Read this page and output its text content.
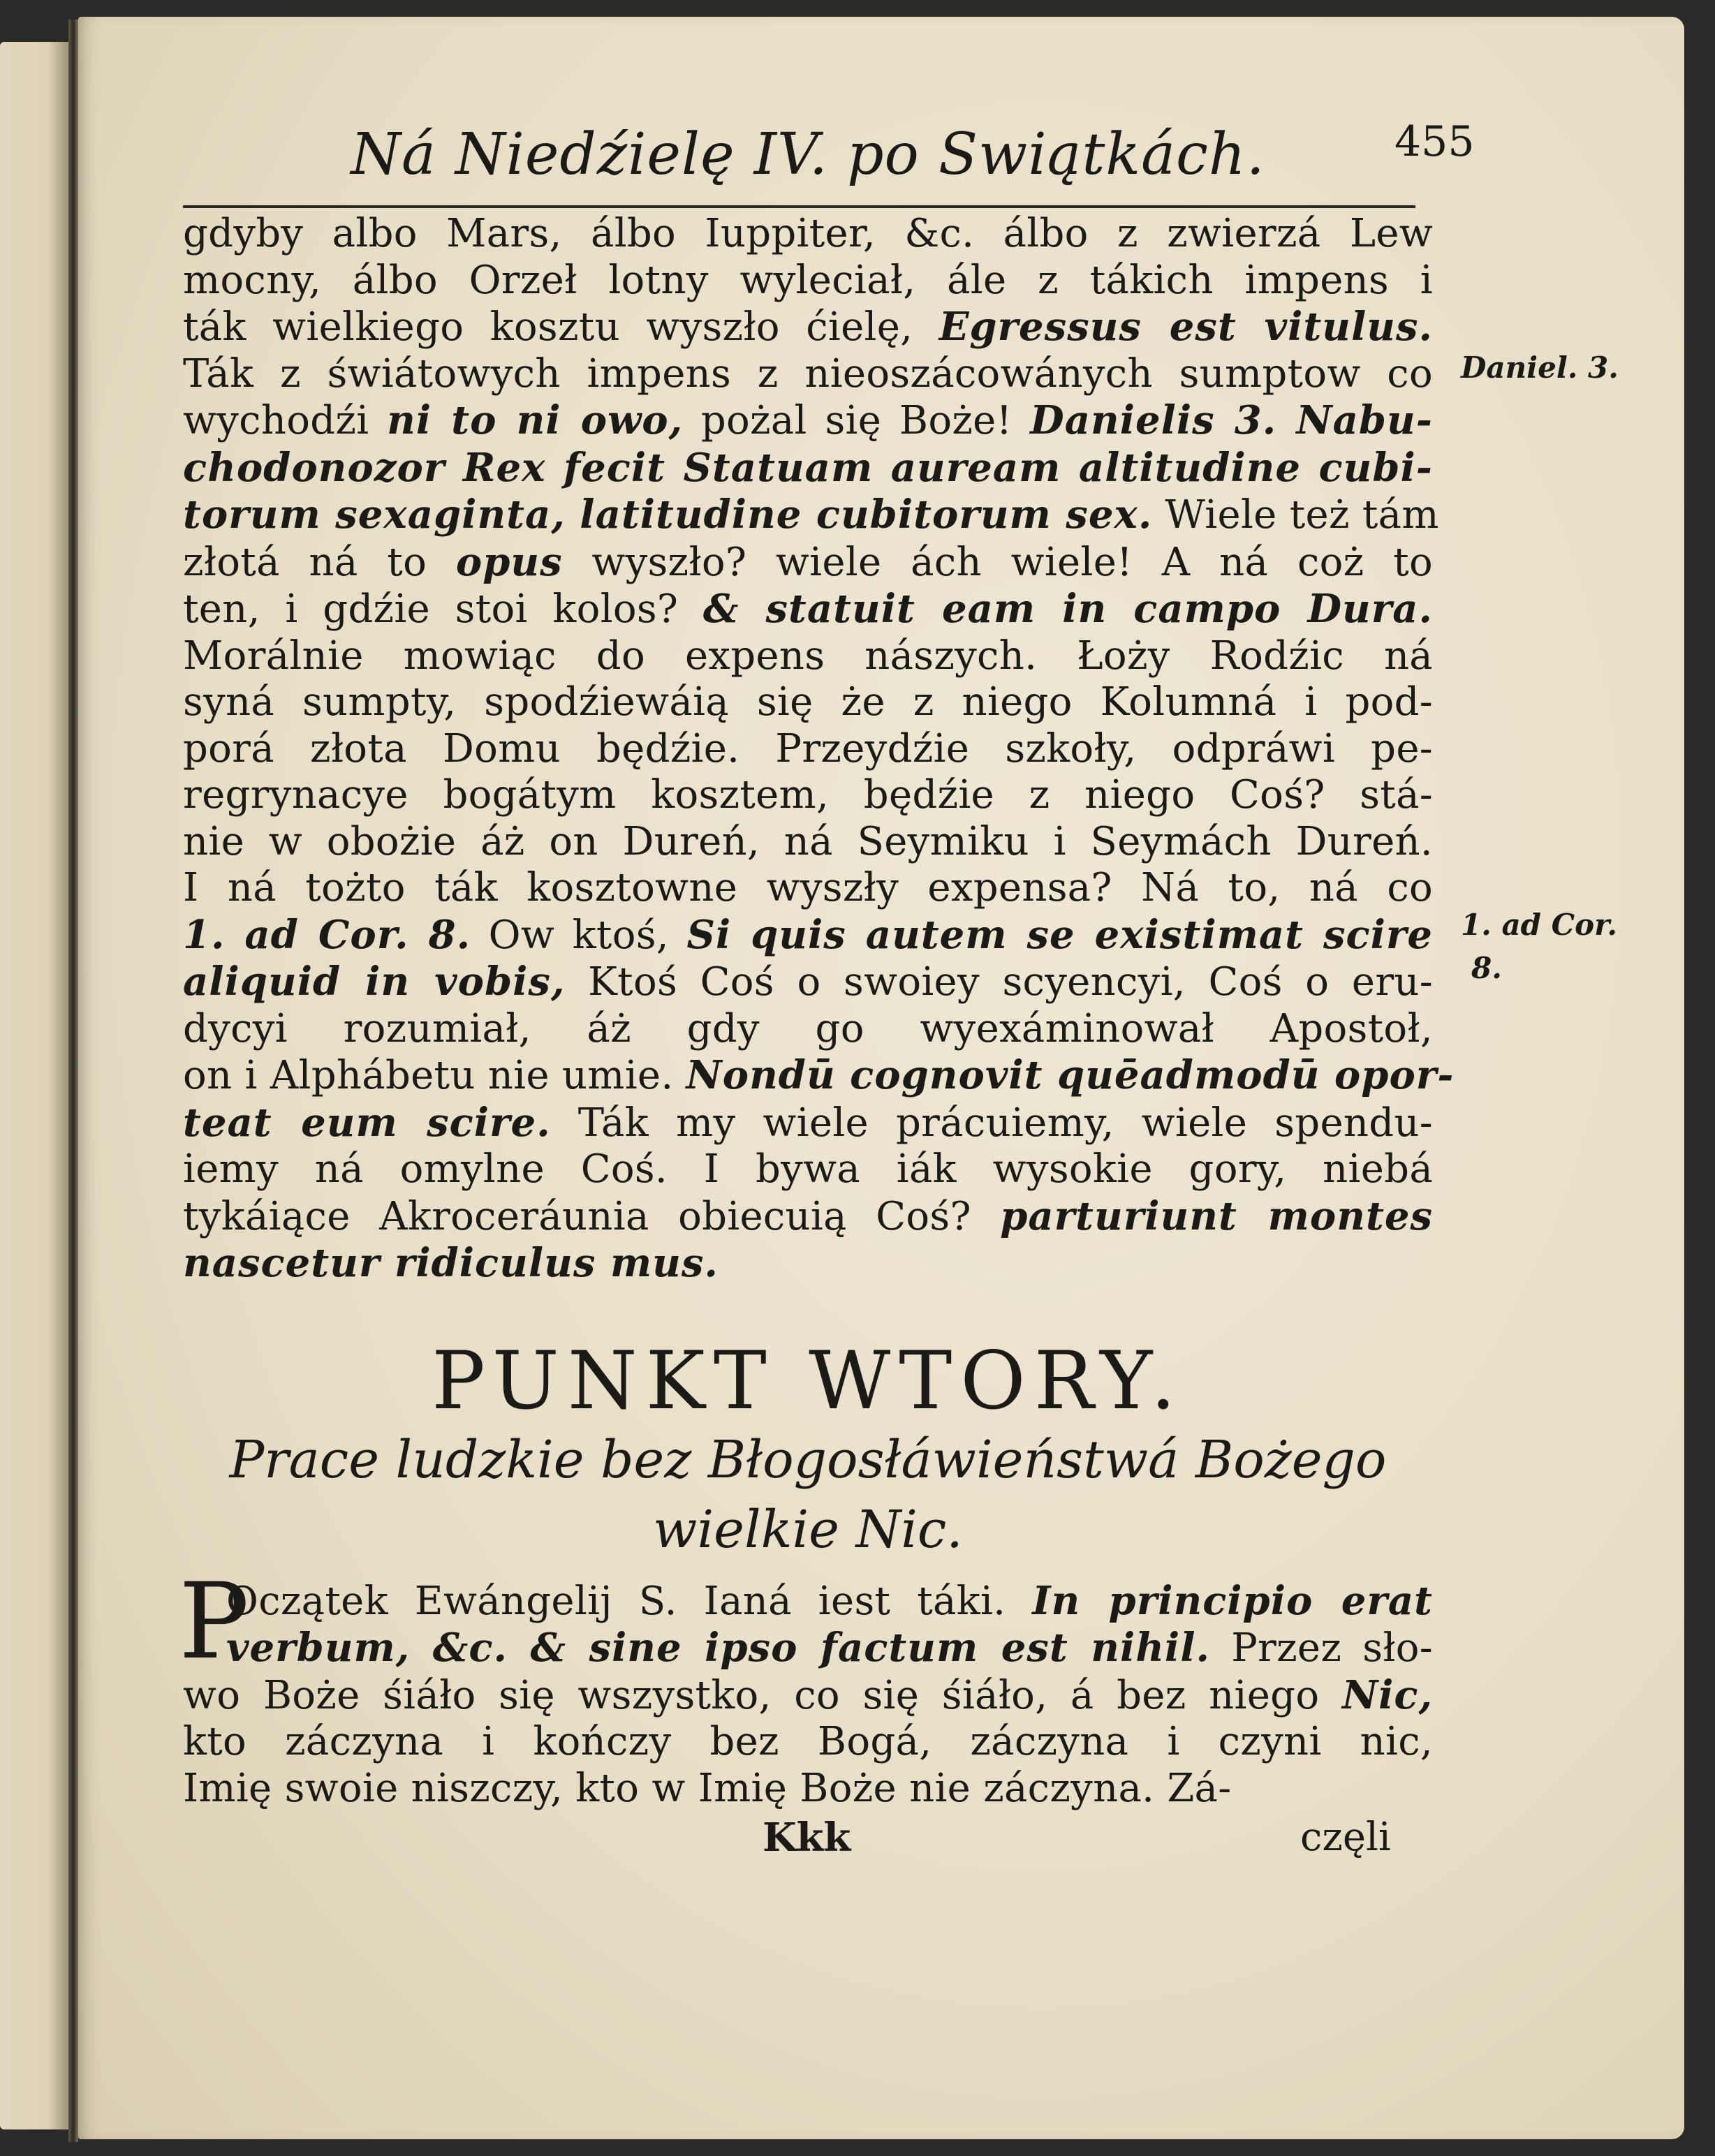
Ná Niedźielę IV. po Swiątkách.	455
Daniel. 3.
1. ad Cor.
8.
gdyby albo Mars, álbo Iuppiter, &c. álbo z zwierzá Lew
mocny, álbo Orzeł lotny wyleciał, ále z tákich impens i
ták wielkiego kosztu wyszło ćielę, Egressus est vitulus.
Ták z świátowych impens z nieoszácowánych sumptow co
wychodźi ni to ni owo, pożal się Boże! Danielis 3. Nabu-
chodonozor Rex fecit Statuam auream altitudine cubi-
torum sexaginta, latitudine cubitorum sex. Wiele też tám
złotá ná to opus wyszło? wiele ách wiele! A ná coż to
ten, i gdźie stoi kolos? & statuit eam in campo Dura.
Morálnie mowiąc do expens nászych. Łoży Rodźic ná
syná sumpty, spodźiewáią się że z niego Kolumná i pod-
porá złota Domu będźie. Przeydźie szkoły, odpráwi pe-
regrynacye bogátym kosztem, będźie z niego Coś? stá-
nie w obożie áż on Dureń, ná Seymiku i Seymách Dureń.
I ná tożto ták kosztowne wyszły expensa? Ná to, ná co
1. ad Cor. 8. Ow ktoś, Si quis autem se existimat scire
aliquid in vobis, Ktoś Coś o swoiey scyencyi, Coś o eru-
dycyi rozumiał, áż gdy go wyexáminował Apostoł,
on i Alphábetu nie umie. Nondū cognovit quēadmodū opor-
teat eum scire. Ták my wiele prácuiemy, wiele spendu-
iemy ná omylne Coś. I bywa iák wysokie gory, niebá
tykáiące Akroceráunia obiecuią Coś? parturiunt montes
nascetur ridiculus mus.
PUNKT WTORY.
Prace ludzkie bez Błogosłáwieństwá Bożego
wielkie Nic.
P
Oczątek Ewángelij S. Ianá iest táki. In principio erat
verbum, &c. & sine ipso factum est nihil. Przez sło-
wo Boże śiáło się wszystko, co się śiáło, á bez niego Nic,
kto záczyna i kończy bez Bogá, záczyna i czyni nic,
Imię swoie niszczy, kto w Imię Boże nie záczyna. Zá-
Kkk	częli
